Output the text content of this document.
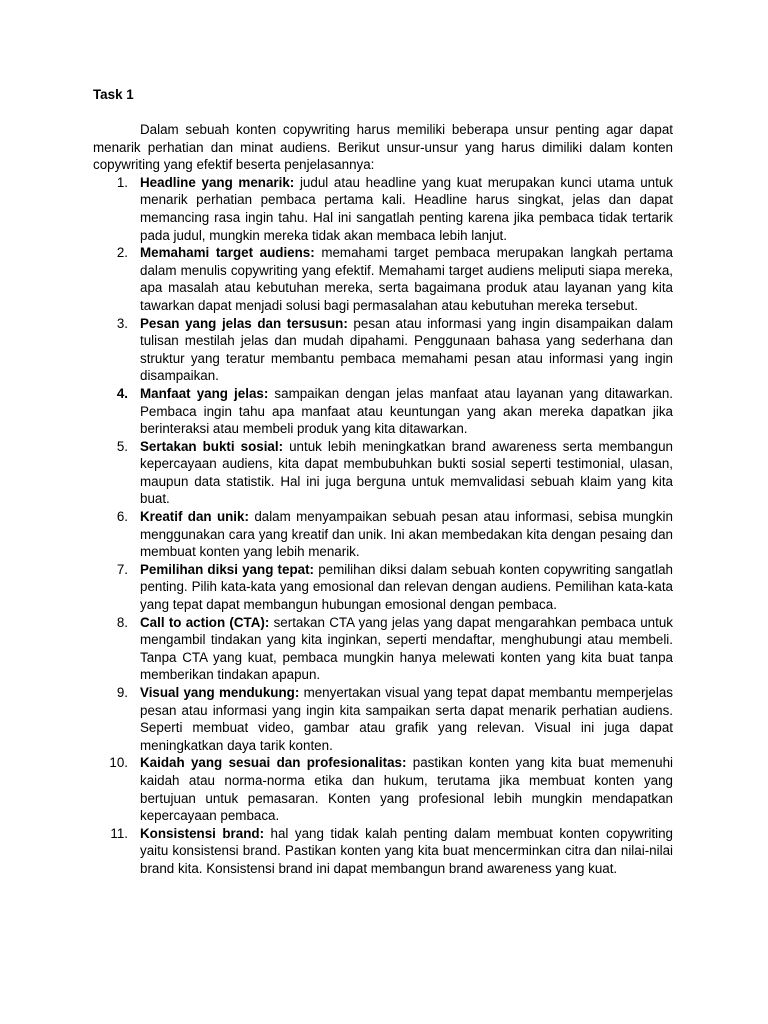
Task 1

Dalam sebuah konten copywriting harus memiliki beberapa unsur penting agar dapat menarik perhatian dan minat audiens. Berikut unsur-unsur yang harus dimiliki dalam konten copywriting yang efektif beserta penjelasannya:

1. Headline yang menarik: judul atau headline yang kuat merupakan kunci utama untuk menarik perhatian pembaca pertama kali. Headline harus singkat, jelas dan dapat memancing rasa ingin tahu. Hal ini sangatlah penting karena jika pembaca tidak tertarik pada judul, mungkin mereka tidak akan membaca lebih lanjut.
2. Memahami target audiens: memahami target pembaca merupakan langkah pertama dalam menulis copywriting yang efektif. Memahami target audiens meliputi siapa mereka, apa masalah atau kebutuhan mereka, serta bagaimana produk atau layanan yang kita tawarkan dapat menjadi solusi bagi permasalahan atau kebutuhan mereka tersebut.
3. Pesan yang jelas dan tersusun: pesan atau informasi yang ingin disampaikan dalam tulisan mestilah jelas dan mudah dipahami. Penggunaan bahasa yang sederhana dan struktur yang teratur membantu pembaca memahami pesan atau informasi yang ingin disampaikan.
4. Manfaat yang jelas: sampaikan dengan jelas manfaat atau layanan yang ditawarkan. Pembaca ingin tahu apa manfaat atau keuntungan yang akan mereka dapatkan jika berinteraksi atau membeli produk yang kita ditawarkan.
5. Sertakan bukti sosial: untuk lebih meningkatkan brand awareness serta membangun kepercayaan audiens, kita dapat membubuhkan bukti sosial seperti testimonial, ulasan, maupun data statistik. Hal ini juga berguna untuk memvalidasi sebuah klaim yang kita buat.
6. Kreatif dan unik: dalam menyampaikan sebuah pesan atau informasi, sebisa mungkin menggunakan cara yang kreatif dan unik. Ini akan membedakan kita dengan pesaing dan membuat konten yang lebih menarik.
7. Pemilihan diksi yang tepat: pemilihan diksi dalam sebuah konten copywriting sangatlah penting. Pilih kata-kata yang emosional dan relevan dengan audiens. Pemilihan kata-kata yang tepat dapat membangun hubungan emosional dengan pembaca.
8. Call to action (CTA): sertakan CTA yang jelas yang dapat mengarahkan pembaca untuk mengambil tindakan yang kita inginkan, seperti mendaftar, menghubungi atau membeli. Tanpa CTA yang kuat, pembaca mungkin hanya melewati konten yang kita buat tanpa memberikan tindakan apapun.
9. Visual yang mendukung: menyertakan visual yang tepat dapat membantu memperjelas pesan atau informasi yang ingin kita sampaikan serta dapat menarik perhatian audiens. Seperti membuat video, gambar atau grafik yang relevan. Visual ini juga dapat meningkatkan daya tarik konten.
10. Kaidah yang sesuai dan profesionalitas: pastikan konten yang kita buat memenuhi kaidah atau norma-norma etika dan hukum, terutama jika membuat konten yang bertujuan untuk pemasaran. Konten yang profesional lebih mungkin mendapatkan kepercayaan pembaca.
11. Konsistensi brand: hal yang tidak kalah penting dalam membuat konten copywriting yaitu konsistensi brand. Pastikan konten yang kita buat mencerminkan citra dan nilai-nilai brand kita. Konsistensi brand ini dapat membangun brand awareness yang kuat.
